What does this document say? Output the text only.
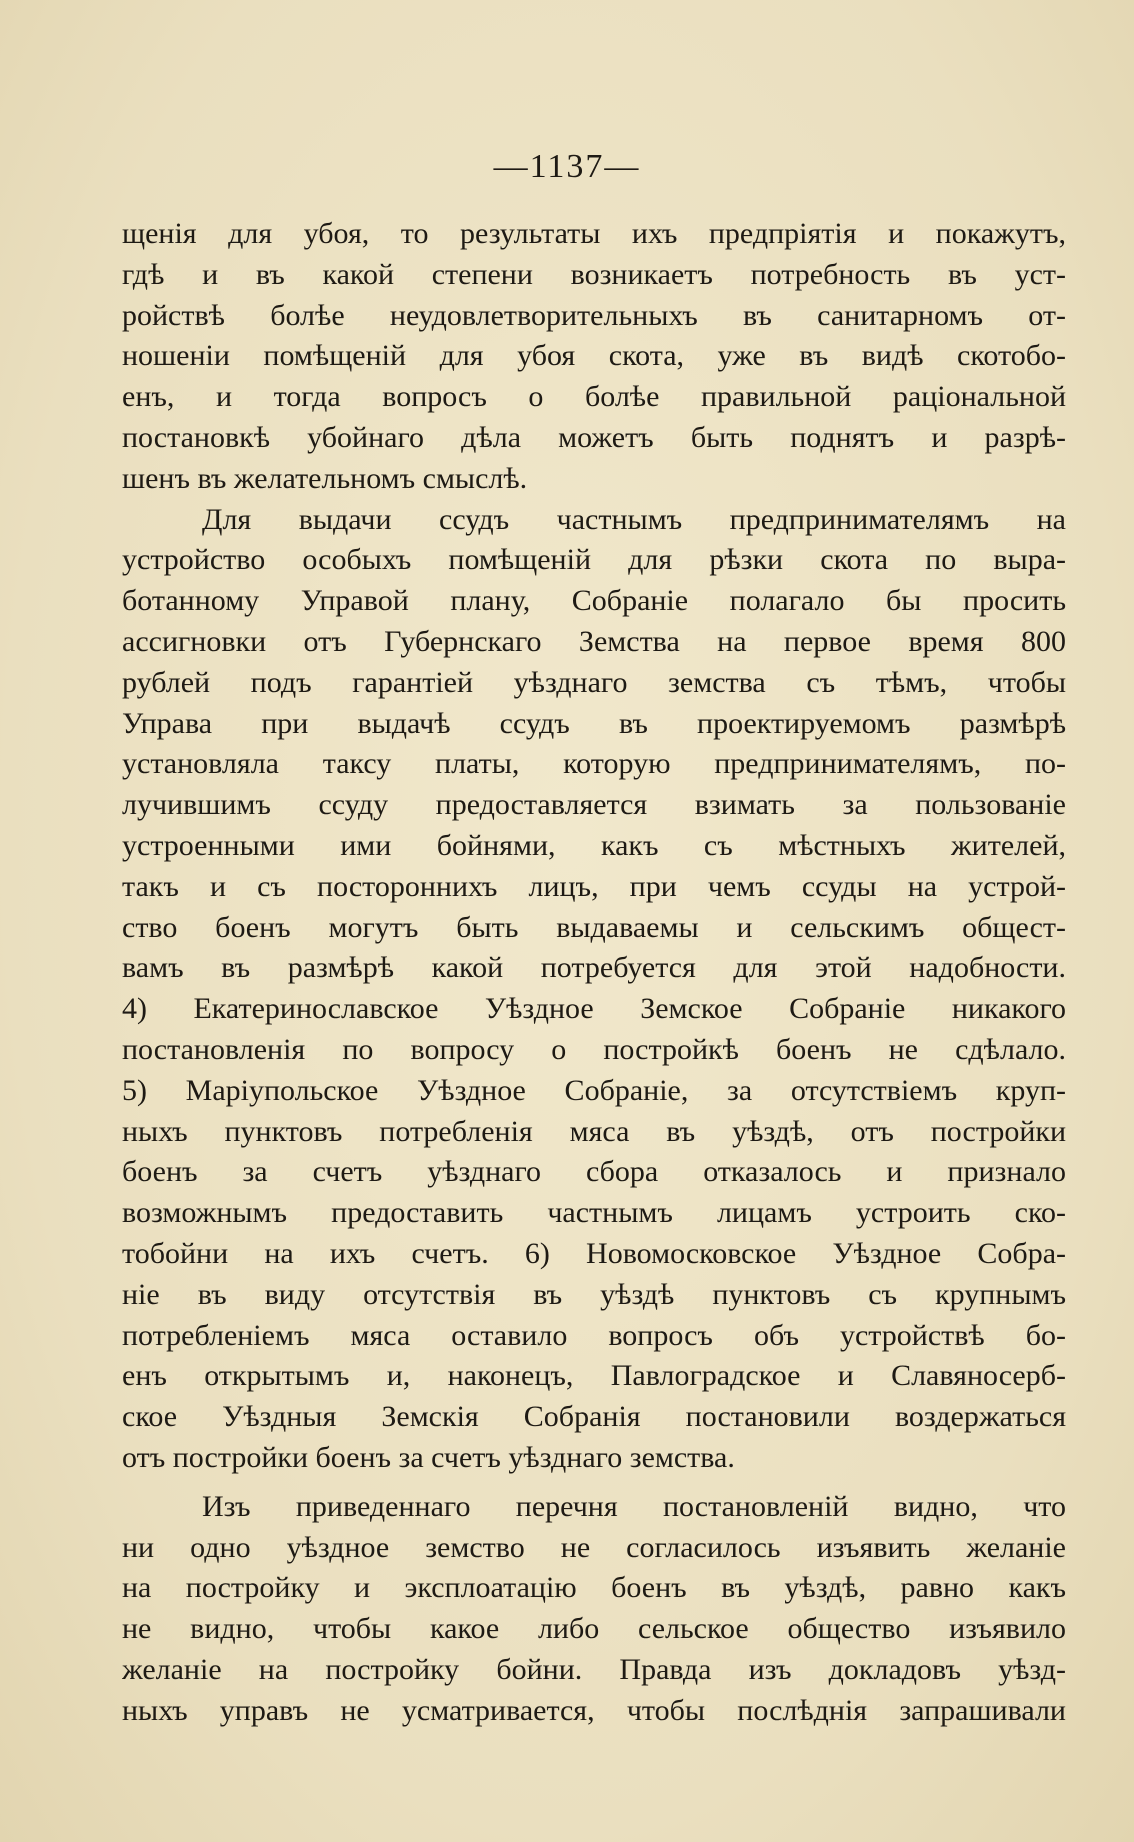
—1137—
щенія для убоя, то результаты ихъ предпріятія и покажутъ,
гдѣ и въ какой степени возникаетъ потребность въ уст-
ройствѣ болѣе неудовлетворительныхъ въ санитарномъ от-
ношеніи помѣщеній для убоя скота, уже въ видѣ скотобо-
енъ, и тогда вопросъ о болѣе правильной раціональной
постановкѣ убойнаго дѣла можетъ быть поднятъ и разрѣ-
шенъ въ желательномъ смыслѣ.
Для выдачи ссудъ частнымъ предпринимателямъ на
устройство особыхъ помѣщеній для рѣзки скота по выра-
ботанному Управой плану, Собраніе полагало бы просить
ассигновки отъ Губернскаго Земства на первое время 800
рублей подъ гарантіей уѣзднаго земства съ тѣмъ, чтобы
Управа при выдачѣ ссудъ въ проектируемомъ размѣрѣ
установляла таксу платы, которую предпринимателямъ, по-
лучившимъ ссуду предоставляется взимать за пользованіе
устроенными ими бойнями, какъ съ мѣстныхъ жителей,
такъ и съ постороннихъ лицъ, при чемъ ссуды на устрой-
ство боенъ могутъ быть выдаваемы и сельскимъ общест-
вамъ въ размѣрѣ какой потребуется для этой надобности.
4) Екатеринославское Уѣздное Земское Собраніе никакого
постановленія по вопросу о постройкѣ боенъ не сдѣлало.
5) Маріупольское Уѣздное Собраніе, за отсутствіемъ круп-
ныхъ пунктовъ потребленія мяса въ уѣздѣ, отъ постройки
боенъ за счетъ уѣзднаго сбора отказалось и признало
возможнымъ предоставить частнымъ лицамъ устроить ско-
тобойни на ихъ счетъ. 6) Новомосковское Уѣздное Собра-
ніе въ виду отсутствія въ уѣздѣ пунктовъ съ крупнымъ
потребленіемъ мяса оставило вопросъ объ устройствѣ бо-
енъ открытымъ и, наконецъ, Павлоградское и Славяносерб-
ское Уѣздныя Земскія Собранія постановили воздержаться
отъ постройки боенъ за счетъ уѣзднаго земства.
Изъ приведеннаго перечня постановленій видно, что
ни одно уѣздное земство не согласилось изъявить желаніе
на постройку и эксплоатацію боенъ въ уѣздѣ, равно какъ
не видно, чтобы какое либо сельское общество изъявило
желаніе на постройку бойни. Правда изъ докладовъ уѣзд-
ныхъ управъ не усматривается, чтобы послѣднія запрашивали
